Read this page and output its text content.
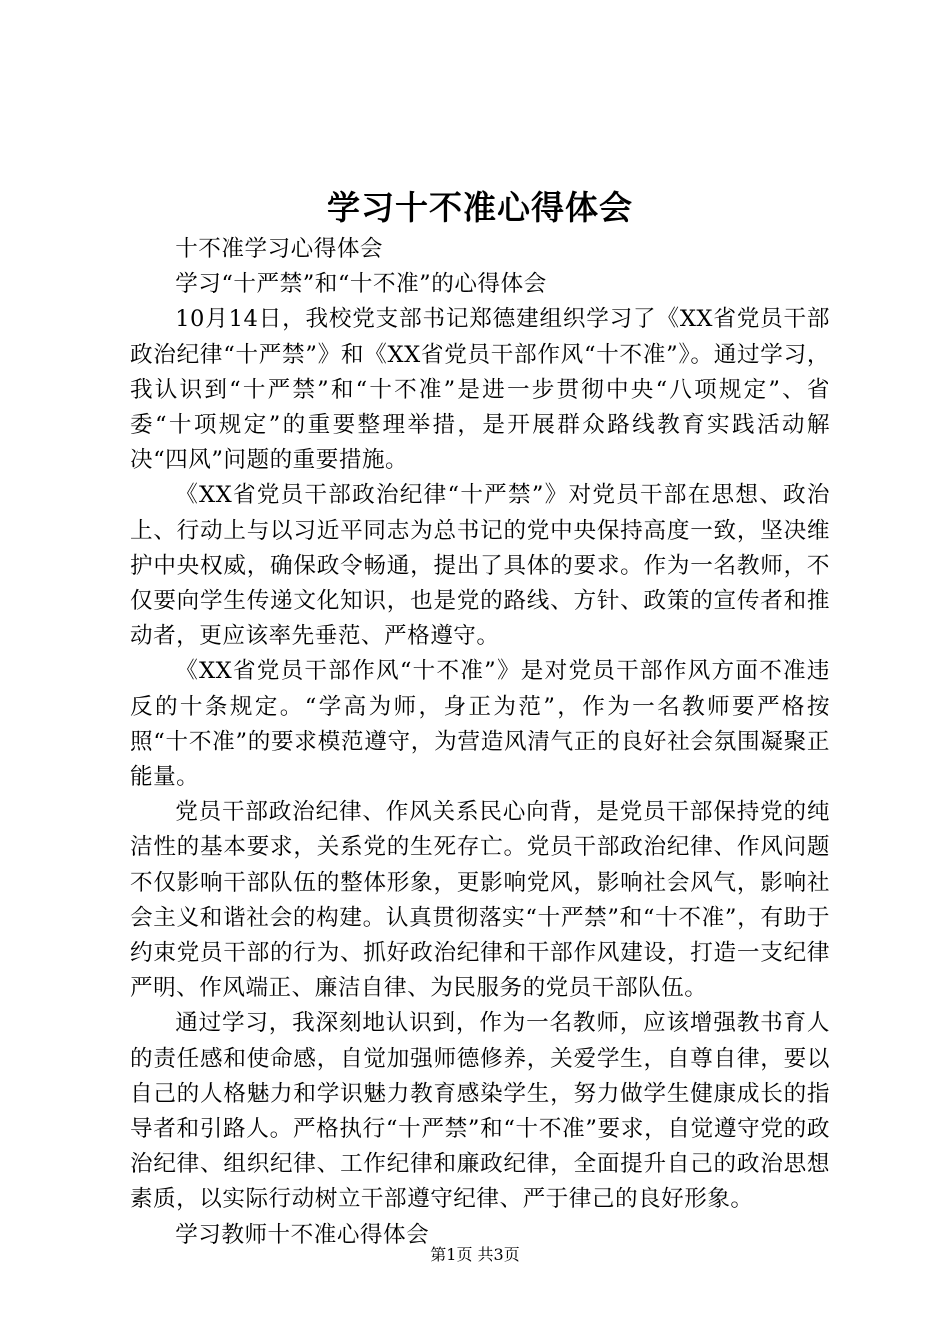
学习十不准心得体会

十不准学习心得体会

学习“十严禁”和“十不准”的心得体会

10月14日，我校党支部书记郑德建组织学习了《XX省党员干部政治纪律“十严禁”》和《XX省党员干部作风“十不准”》。通过学习，我认识到“十严禁”和“十不准”是进一步贯彻中央“八项规定”、省委“十项规定”的重要整理举措，是开展群众路线教育实践活动解决“四风”问题的重要措施。

《XX省党员干部政治纪律“十严禁”》对党员干部在思想、政治上、行动上与以习近平同志为总书记的党中央保持高度一致，坚决维护中央权威，确保政令畅通，提出了具体的要求。作为一名教师，不仅要向学生传递文化知识，也是党的路线、方针、政策的宣传者和推动者，更应该率先垂范、严格遵守。

《XX省党员干部作风“十不准”》是对党员干部作风方面不准违反的十条规定。“学高为师，身正为范”，作为一名教师要严格按照“十不准”的要求模范遵守，为营造风清气正的良好社会氛围凝聚正能量。

党员干部政治纪律、作风关系民心向背，是党员干部保持党的纯洁性的基本要求，关系党的生死存亡。党员干部政治纪律、作风问题不仅影响干部队伍的整体形象，更影响党风，影响社会风气，影响社会主义和谐社会的构建。认真贯彻落实“十严禁”和“十不准”，有助于约束党员干部的行为、抓好政治纪律和干部作风建设，打造一支纪律严明、作风端正、廉洁自律、为民服务的党员干部队伍。

通过学习，我深刻地认识到，作为一名教师，应该增强教书育人的责任感和使命感，自觉加强师德修养，关爱学生，自尊自律，要以自己的人格魅力和学识魅力教育感染学生，努力做学生健康成长的指导者和引路人。严格执行“十严禁”和“十不准”要求，自觉遵守党的政治纪律、组织纪律、工作纪律和廉政纪律，全面提升自己的政治思想素质，以实际行动树立干部遵守纪律、严于律己的良好形象。

学习教师十不准心得体会

第1页 共3页
